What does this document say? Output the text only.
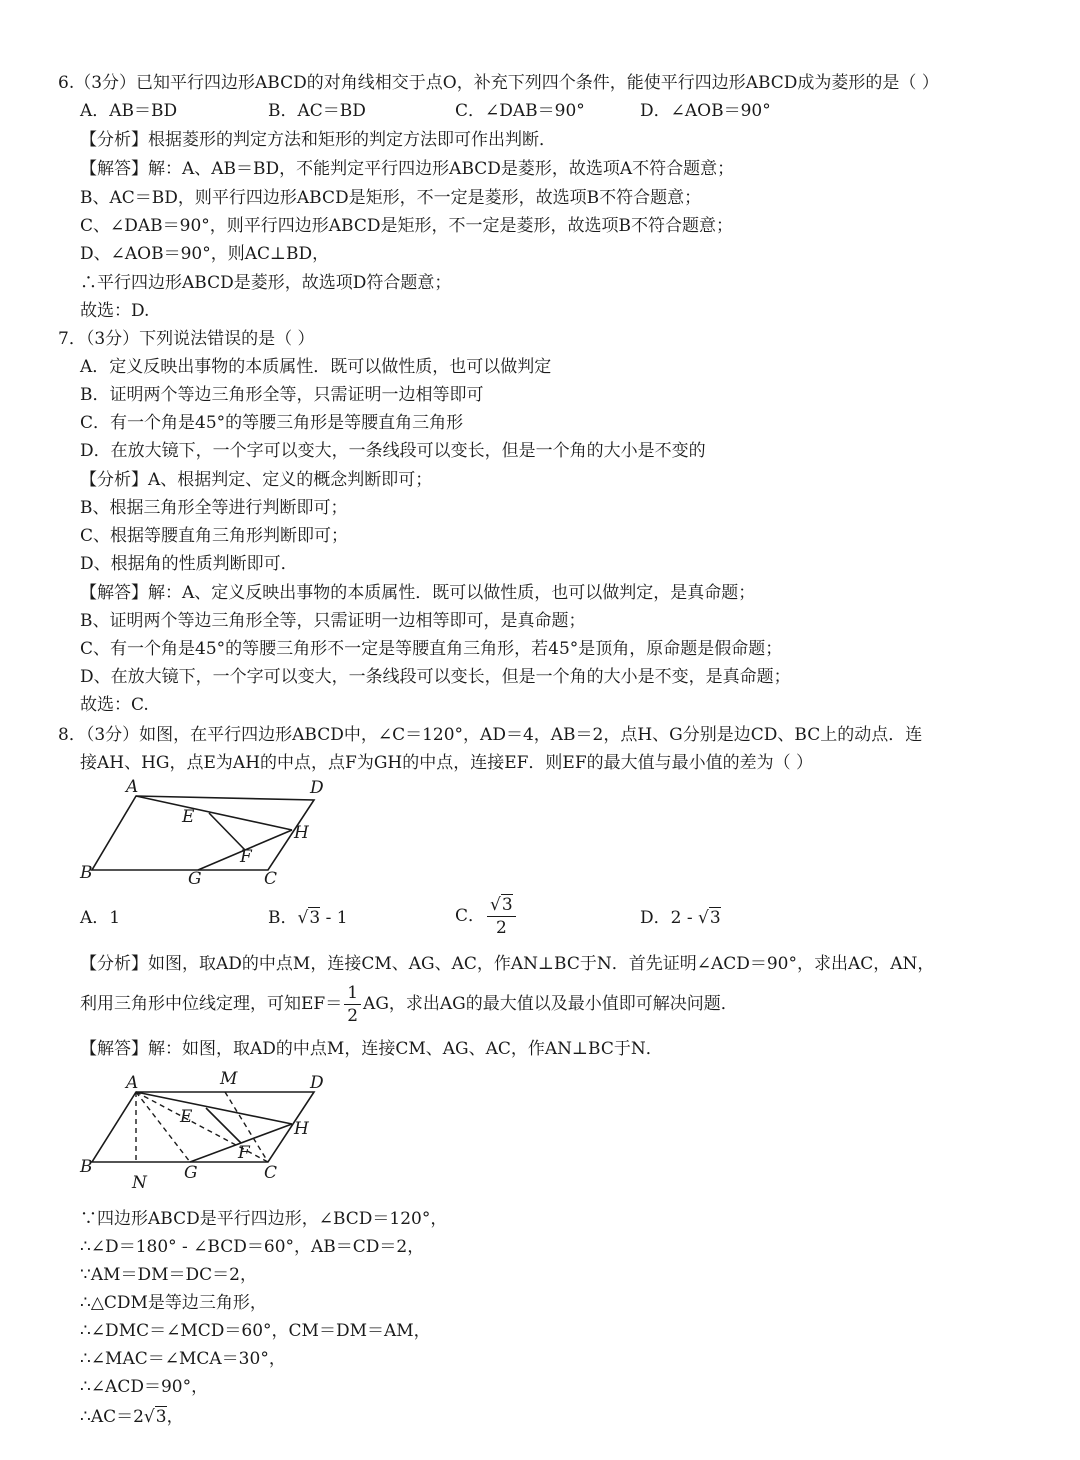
6.（3分）已知平行四边形ABCD的对角线相交于点O，补充下列四个条件，能使平行四边形ABCD成为菱形的是（ ）
A．AB＝BD	B．AC＝BD	C．∠DAB＝90°	D．∠AOB＝90°
【分析】根据菱形的判定方法和矩形的判定方法即可作出判断．
【解答】解：A、AB＝BD，不能判定平行四边形ABCD是菱形，故选项A不符合题意；
B、AC＝BD，则平行四边形ABCD是矩形，不一定是菱形，故选项B不符合题意；
C、∠DAB＝90°，则平行四边形ABCD是矩形，不一定是菱形，故选项B不符合题意；
D、∠AOB＝90°，则AC⊥BD，
∴平行四边形ABCD是菱形，故选项D符合题意；
故选：D.
7．（3分）下列说法错误的是（ ）
A．定义反映出事物的本质属性．既可以做性质，也可以做判定
B．证明两个等边三角形全等，只需证明一边相等即可
C．有一个角是45°的等腰三角形是等腰直角三角形
D．在放大镜下，一个字可以变大，一条线段可以变长，但是一个角的大小是不变的
【分析】A、根据判定、定义的概念判断即可；
B、根据三角形全等进行判断即可；
C、根据等腰直角三角形判断即可；
D、根据角的性质判断即可．
【解答】解：A、定义反映出事物的本质属性．既可以做性质，也可以做判定，是真命题；
B、证明两个等边三角形全等，只需证明一边相等即可，是真命题；
C、有一个角是45°的等腰三角形不一定是等腰直角三角形，若45°是顶角，原命题是假命题；
D、在放大镜下，一个字可以变大，一条线段可以变长，但是一个角的大小是不变，是真命题；
故选：C.
8．（3分）如图，在平行四边形ABCD中，∠C＝120°，AD＝4，AB＝2，点H、G分别是边CD、BC上的动点．连
接AH、HG，点E为AH的中点，点F为GH的中点，连接EF．则EF的最大值与最小值的差为（ ）
A	D
E
H
F
B	G	C
A．1	B．√3 - 1	C． $\frac{√3}{2}$	D．2 - √3
【分析】如图，取AD的中点M，连接CM、AG、AC，作AN⊥BC于N．首先证明∠ACD＝90°，求出AC，AN，
利用三角形中位线定理，可知$EF= \frac{1}{2}$ AG，求出AG的最大值以及最小值即可解决问题．
【解答】解：如图，取AD的中点M，连接CM、AG、AC，作AN⊥BC于N．
A	M	D
E
H
F
B
N G	C
∵四边形ABCD是平行四边形，∠BCD＝120°，
∴∠D＝180° - ∠BCD＝60°，AB＝CD＝2，
∵AM＝DM＝DC＝2，
∴△CDM是等边三角形，
∴∠DMC＝∠MCD＝60°，CM＝DM＝AM，
∴∠MAC＝∠MCA＝30°，
∴∠ACD＝90°，
∴AC＝2√3，
